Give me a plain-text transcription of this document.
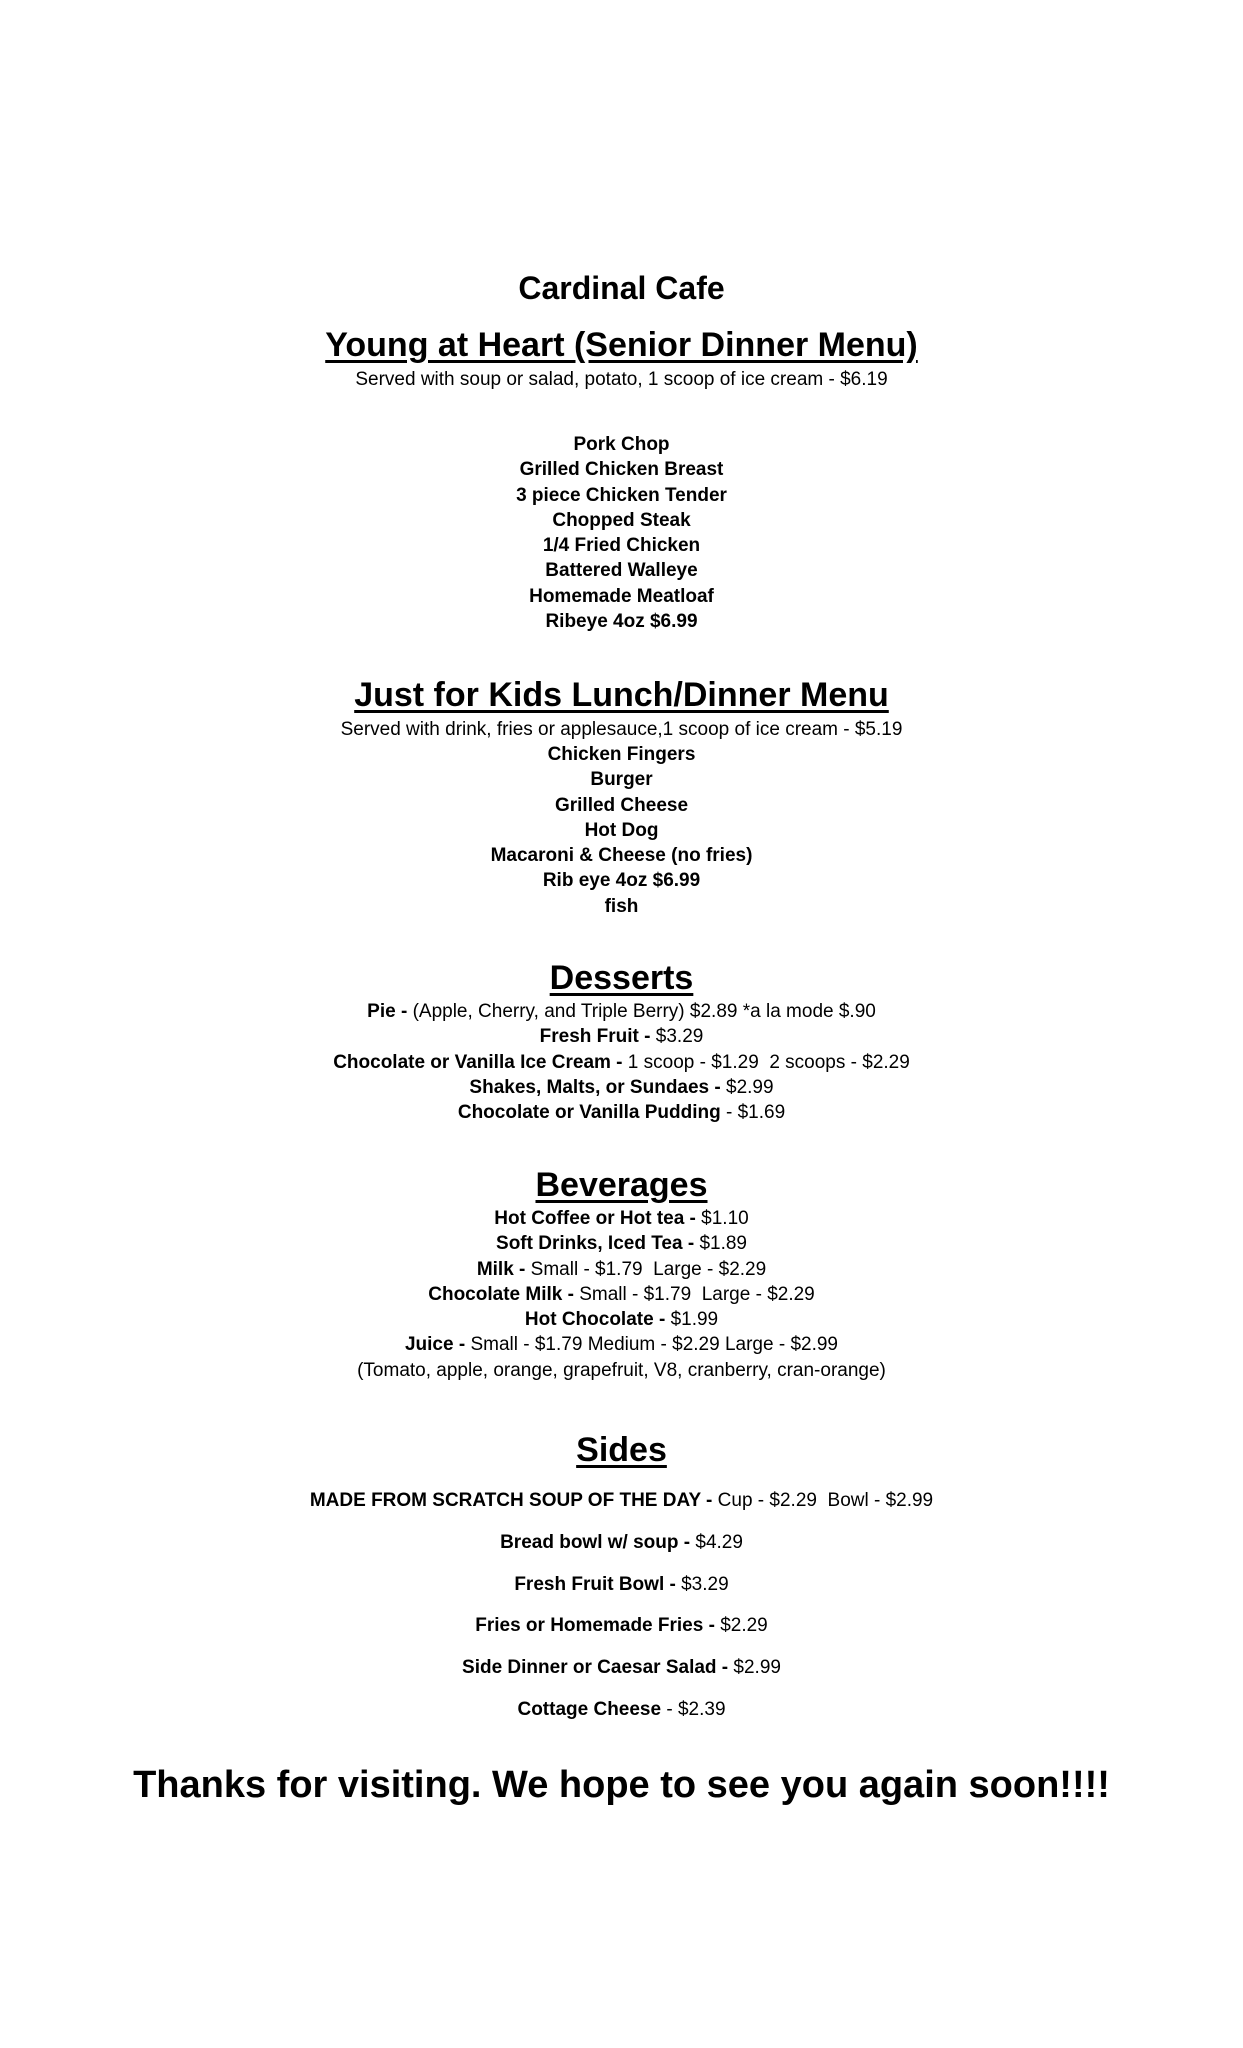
Cardinal Cafe
Young at Heart (Senior Dinner Menu)
Served with soup or salad, potato, 1 scoop of ice cream - $6.19
Pork Chop
Grilled Chicken Breast
3 piece Chicken Tender
Chopped Steak
1/4 Fried Chicken
Battered Walleye
Homemade Meatloaf
Ribeye 4oz $6.99
Just for Kids Lunch/Dinner Menu
Served with drink, fries or applesauce,1 scoop of ice cream - $5.19
Chicken Fingers
Burger
Grilled Cheese
Hot Dog
Macaroni & Cheese (no fries)
Rib eye 4oz $6.99
fish
Desserts
Pie - (Apple, Cherry, and Triple Berry) $2.89 *a la mode $.90
Fresh Fruit - $3.29
Chocolate or Vanilla Ice Cream - 1 scoop - $1.29  2 scoops - $2.29
Shakes, Malts, or Sundaes - $2.99
Chocolate or Vanilla Pudding - $1.69
Beverages
Hot Coffee or Hot tea - $1.10
Soft Drinks, Iced Tea - $1.89
Milk - Small - $1.79  Large - $2.29
Chocolate Milk - Small - $1.79  Large - $2.29
Hot Chocolate - $1.99
Juice - Small - $1.79 Medium - $2.29 Large - $2.99
(Tomato, apple, orange, grapefruit, V8, cranberry, cran-orange)
Sides
MADE FROM SCRATCH SOUP OF THE DAY - Cup - $2.29  Bowl - $2.99
Bread bowl w/ soup - $4.29
Fresh Fruit Bowl - $3.29
Fries or Homemade Fries - $2.29
Side Dinner or Caesar Salad - $2.99
Cottage Cheese - $2.39
Thanks for visiting. We hope to see you again soon!!!!
